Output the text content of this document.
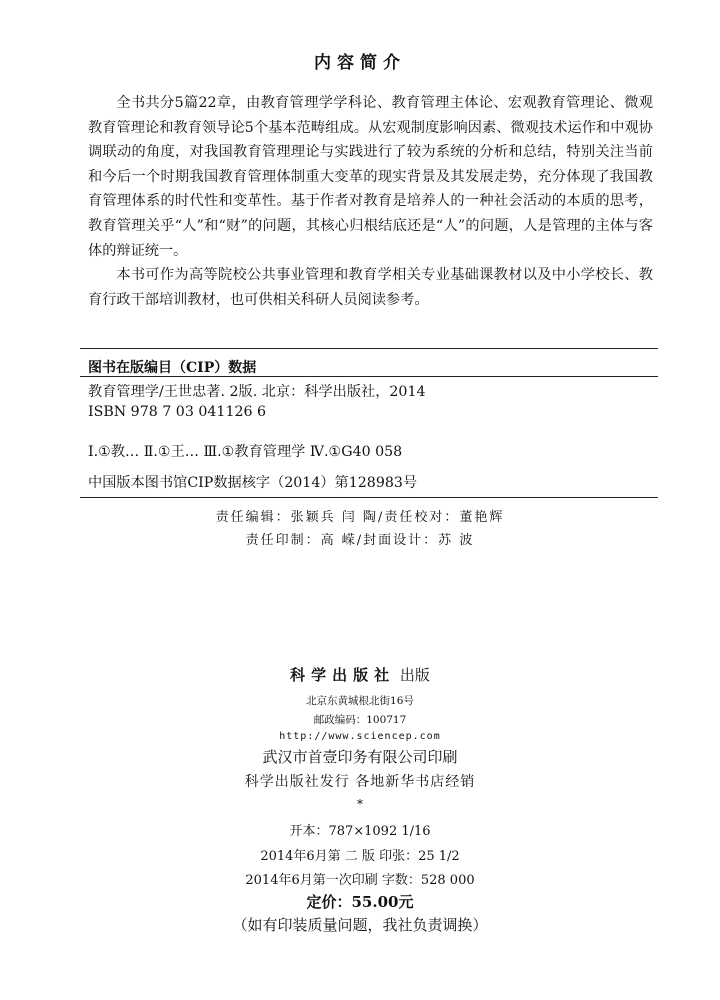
内容简介

全书共分5篇22章，由教育管理学学科论、教育管理主体论、宏观教育管理论、微观教育管理论和教育领导论5个基本范畴组成。从宏观制度影响因素、微观技术运作和中观协调联动的角度，对我国教育管理理论与实践进行了较为系统的分析和总结，特别关注当前和今后一个时期我国教育管理体制重大变革的现实背景及其发展走势，充分体现了我国教育管理体系的时代性和变革性。基于作者对教育是培养人的一种社会活动的本质的思考，教育管理关乎“人”和“财”的问题，其核心归根结底还是“人”的问题，人是管理的主体与客体的辩证统一。

本书可作为高等院校公共事业管理和教育学相关专业基础课教材以及中小学校长、教育行政干部培训教材，也可供相关科研人员阅读参考。

图书在版编目（CIP）数据
教育管理学/王世忠著. 2版. 北京：科学出版社，2014
ISBN 978 7 03 041126 6
Ⅰ.①教… Ⅱ.①王… Ⅲ.①教育管理学 Ⅳ.①G40 058
中国版本图书馆CIP数据核字（2014）第128983号
责任编辑：张颖兵 闫 陶/责任校对：董艳辉
责任印制：高 嵘/封面设计：苏 波
科学出版社 出版
北京东黄城根北街16号
邮政编码：100717
http://www.sciencep.com
武汉市首壹印务有限公司印刷
科学出版社发行 各地新华书店经销
*
开本：787×1092 1/16
2014年6月第 二 版 印张：25 1/2
2014年6月第一次印刷 字数：528 000
定价：55.00元
（如有印装质量问题，我社负责调换）
